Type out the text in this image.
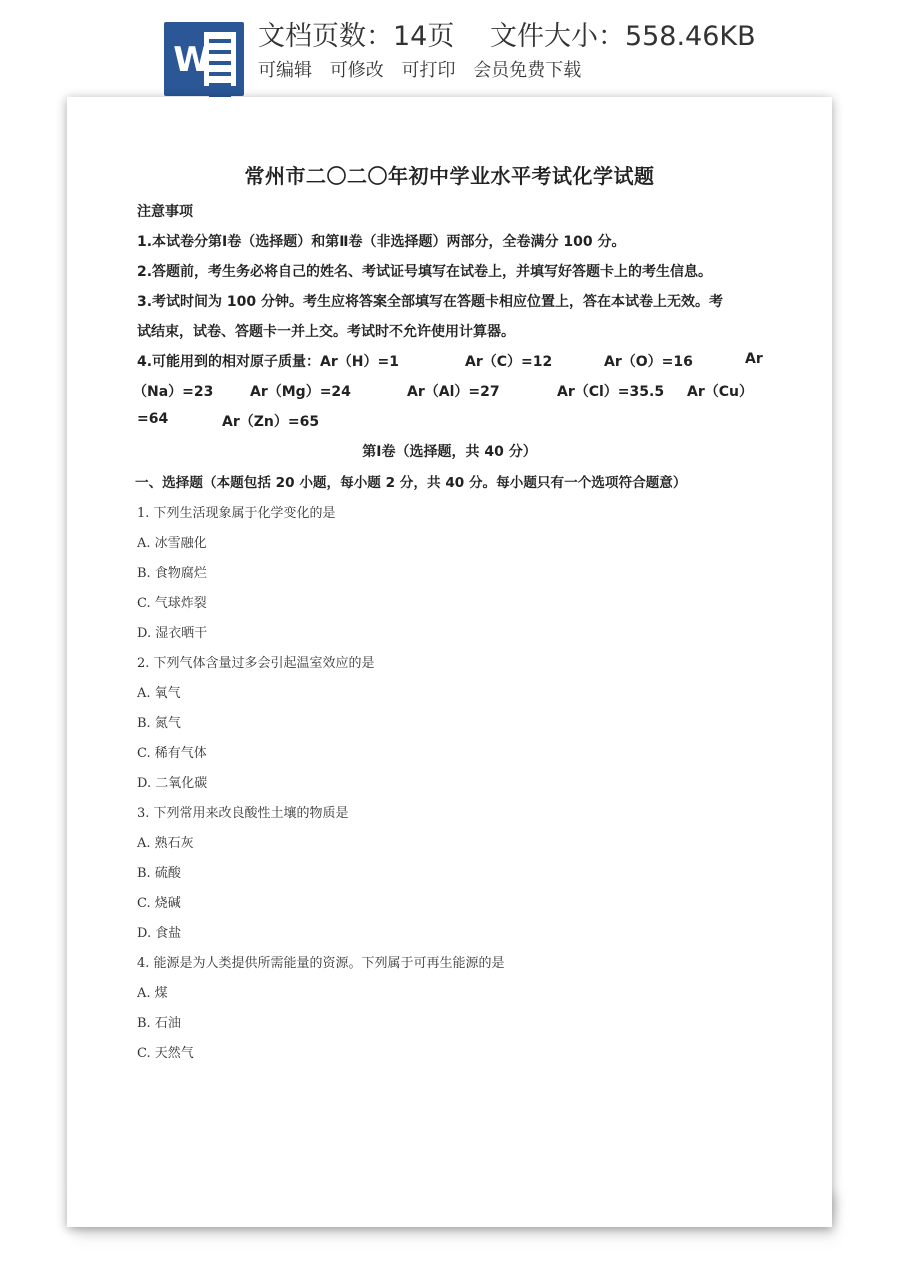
W
文档页数：14页　 文件大小：558.46KB
可编辑 可修改 可打印 会员免费下载
常州市二〇二〇年初中学业水平考试化学试题
注意事项
1.本试卷分第Ⅰ卷（选择题）和第Ⅱ卷（非选择题）两部分，全卷满分 100 分。
2.答题前，考生务必将自己的姓名、考试证号填写在试卷上，并填写好答题卡上的考生信息。
3.考试时间为 100 分钟。考生应将答案全部填写在答题卡相应位置上，答在本试卷上无效。考
试结束，试卷、答题卡一并上交。考试时不允许使用计算器。
4.可能用到的相对原子质量：Ar（H）=1	Ar（C）=12	Ar（O）=16	Ar
（Na）=23	Ar（Mg）=24	Ar（Al）=27	Ar（Cl）=35.5 Ar（Cu）
=64	Ar（Zn）=65
第Ⅰ卷（选择题，共 40 分）
一、选择题（本题包括 20 小题，每小题 2 分，共 40 分。每小题只有一个选项符合题意）
1. 下列生活现象属于化学变化的是
A. 冰雪融化
B. 食物腐烂
C. 气球炸裂
D. 湿衣晒干
2. 下列气体含量过多会引起温室效应的是
A. 氧气
B. 氮气
C. 稀有气体
D. 二氧化碳
3. 下列常用来改良酸性土壤的物质是
A. 熟石灰
B. 硫酸
C. 烧碱
D. 食盐
4. 能源是为人类提供所需能量的资源。下列属于可再生能源的是
A. 煤
B. 石油
C. 天然气
